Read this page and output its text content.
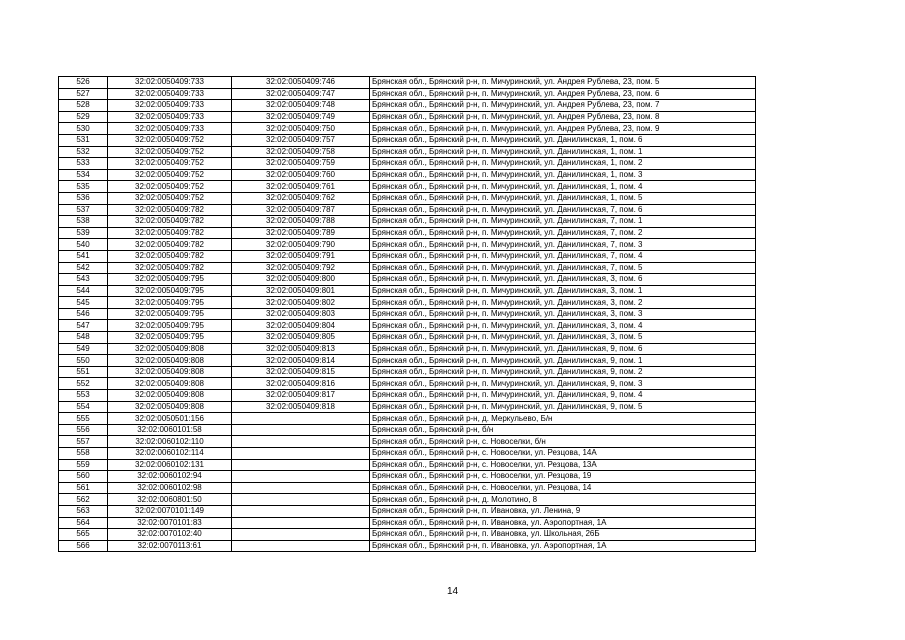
526	32:02:0050409:733	32:02:0050409:746	Брянская обл., Брянский р-н, п. Мичуринский, ул. Андрея Рублева, 23, пом. 5
527	32:02:0050409:733	32:02:0050409:747	Брянская обл., Брянский р-н, п. Мичуринский, ул. Андрея Рублева, 23, пом. 6
528	32:02:0050409:733	32:02:0050409:748	Брянская обл., Брянский р-н, п. Мичуринский, ул. Андрея Рублева, 23, пом. 7
529	32:02:0050409:733	32:02:0050409:749	Брянская обл., Брянский р-н, п. Мичуринский, ул. Андрея Рублева, 23, пом. 8
530	32:02:0050409:733	32:02:0050409:750	Брянская обл., Брянский р-н, п. Мичуринский, ул. Андрея Рублева, 23, пом. 9
531	32:02:0050409:752	32:02:0050409:757	Брянская обл., Брянский р-н, п. Мичуринский, ул. Данилинская, 1, пом. 6
532	32:02:0050409:752	32:02:0050409:758	Брянская обл., Брянский р-н, п. Мичуринский, ул. Данилинская, 1, пом. 1
533	32:02:0050409:752	32:02:0050409:759	Брянская обл., Брянский р-н, п. Мичуринский, ул. Данилинская, 1, пом. 2
534	32:02:0050409:752	32:02:0050409:760	Брянская обл., Брянский р-н, п. Мичуринский, ул. Данилинская, 1, пом. 3
535	32:02:0050409:752	32:02:0050409:761	Брянская обл., Брянский р-н, п. Мичуринский, ул. Данилинская, 1, пом. 4
536	32:02:0050409:752	32:02:0050409:762	Брянская обл., Брянский р-н, п. Мичуринский, ул. Данилинская, 1, пом. 5
537	32:02:0050409:782	32:02:0050409:787	Брянская обл., Брянский р-н, п. Мичуринский, ул. Данилинская, 7, пом. 6
538	32:02:0050409:782	32:02:0050409:788	Брянская обл., Брянский р-н, п. Мичуринский, ул. Данилинская, 7, пом. 1
539	32:02:0050409:782	32:02:0050409:789	Брянская обл., Брянский р-н, п. Мичуринский, ул. Данилинская, 7, пом. 2
540	32:02:0050409:782	32:02:0050409:790	Брянская обл., Брянский р-н, п. Мичуринский, ул. Данилинская, 7, пом. 3
541	32:02:0050409:782	32:02:0050409:791	Брянская обл., Брянский р-н, п. Мичуринский, ул. Данилинская, 7, пом. 4
542	32:02:0050409:782	32:02:0050409:792	Брянская обл., Брянский р-н, п. Мичуринский, ул. Данилинская, 7, пом. 5
543	32:02:0050409:795	32:02:0050409:800	Брянская обл., Брянский р-н, п. Мичуринский, ул. Данилинская, 3, пом. 6
544	32:02:0050409:795	32:02:0050409:801	Брянская обл., Брянский р-н, п. Мичуринский, ул. Данилинская, 3, пом. 1
545	32:02:0050409:795	32:02:0050409:802	Брянская обл., Брянский р-н, п. Мичуринский, ул. Данилинская, 3, пом. 2
546	32:02:0050409:795	32:02:0050409:803	Брянская обл., Брянский р-н, п. Мичуринский, ул. Данилинская, 3, пом. 3
547	32:02:0050409:795	32:02:0050409:804	Брянская обл., Брянский р-н, п. Мичуринский, ул. Данилинская, 3, пом. 4
548	32:02:0050409:795	32:02:0050409:805	Брянская обл., Брянский р-н, п. Мичуринский, ул. Данилинская, 3, пом. 5
549	32:02:0050409:808	32:02:0050409:813	Брянская обл., Брянский р-н, п. Мичуринский, ул. Данилинская, 9, пом. 6
550	32:02:0050409:808	32:02:0050409:814	Брянская обл., Брянский р-н, п. Мичуринский, ул. Данилинская, 9, пом. 1
551	32:02:0050409:808	32:02:0050409:815	Брянская обл., Брянский р-н, п. Мичуринский, ул. Данилинская, 9, пом. 2
552	32:02:0050409:808	32:02:0050409:816	Брянская обл., Брянский р-н, п. Мичуринский, ул. Данилинская, 9, пом. 3
553	32:02:0050409:808	32:02:0050409:817	Брянская обл., Брянский р-н, п. Мичуринский, ул. Данилинская, 9, пом. 4
554	32:02:0050409:808	32:02:0050409:818	Брянская обл., Брянский р-н, п. Мичуринский, ул. Данилинская, 9, пом. 5
555	32:02:0050501:156		Брянская обл., Брянский р-н, д. Меркульево, Б/н
556	32:02:0060101:58		Брянская обл., Брянский р-н, б/н
557	32:02:0060102:110		Брянская обл., Брянский р-н, с. Новоселки, б/н
558	32:02:0060102:114		Брянская обл., Брянский р-н, с. Новоселки, ул. Резцова, 14А
559	32:02:0060102:131		Брянская обл., Брянский р-н, с. Новоселки, ул. Резцова, 13А
560	32:02:0060102:94		Брянская обл., Брянский р-н, с. Новоселки, ул. Резцова, 19
561	32:02:0060102:98		Брянская обл., Брянский р-н, с. Новоселки, ул. Резцова, 14
562	32:02:0060801:50		Брянская обл., Брянский р-н, д. Молотино, 8
563	32:02:0070101:149		Брянская обл., Брянский р-н, п. Ивановка, ул. Ленина, 9
564	32:02:0070101:83		Брянская обл., Брянский р-н, п. Ивановка, ул. Аэропортная, 1А
565	32:02:0070102:40		Брянская обл., Брянский р-н, п. Ивановка, ул. Школьная, 26Б
566	32:02:0070113:61		Брянская обл., Брянский р-н, п. Ивановка, ул. Аэропортная, 1А
14
